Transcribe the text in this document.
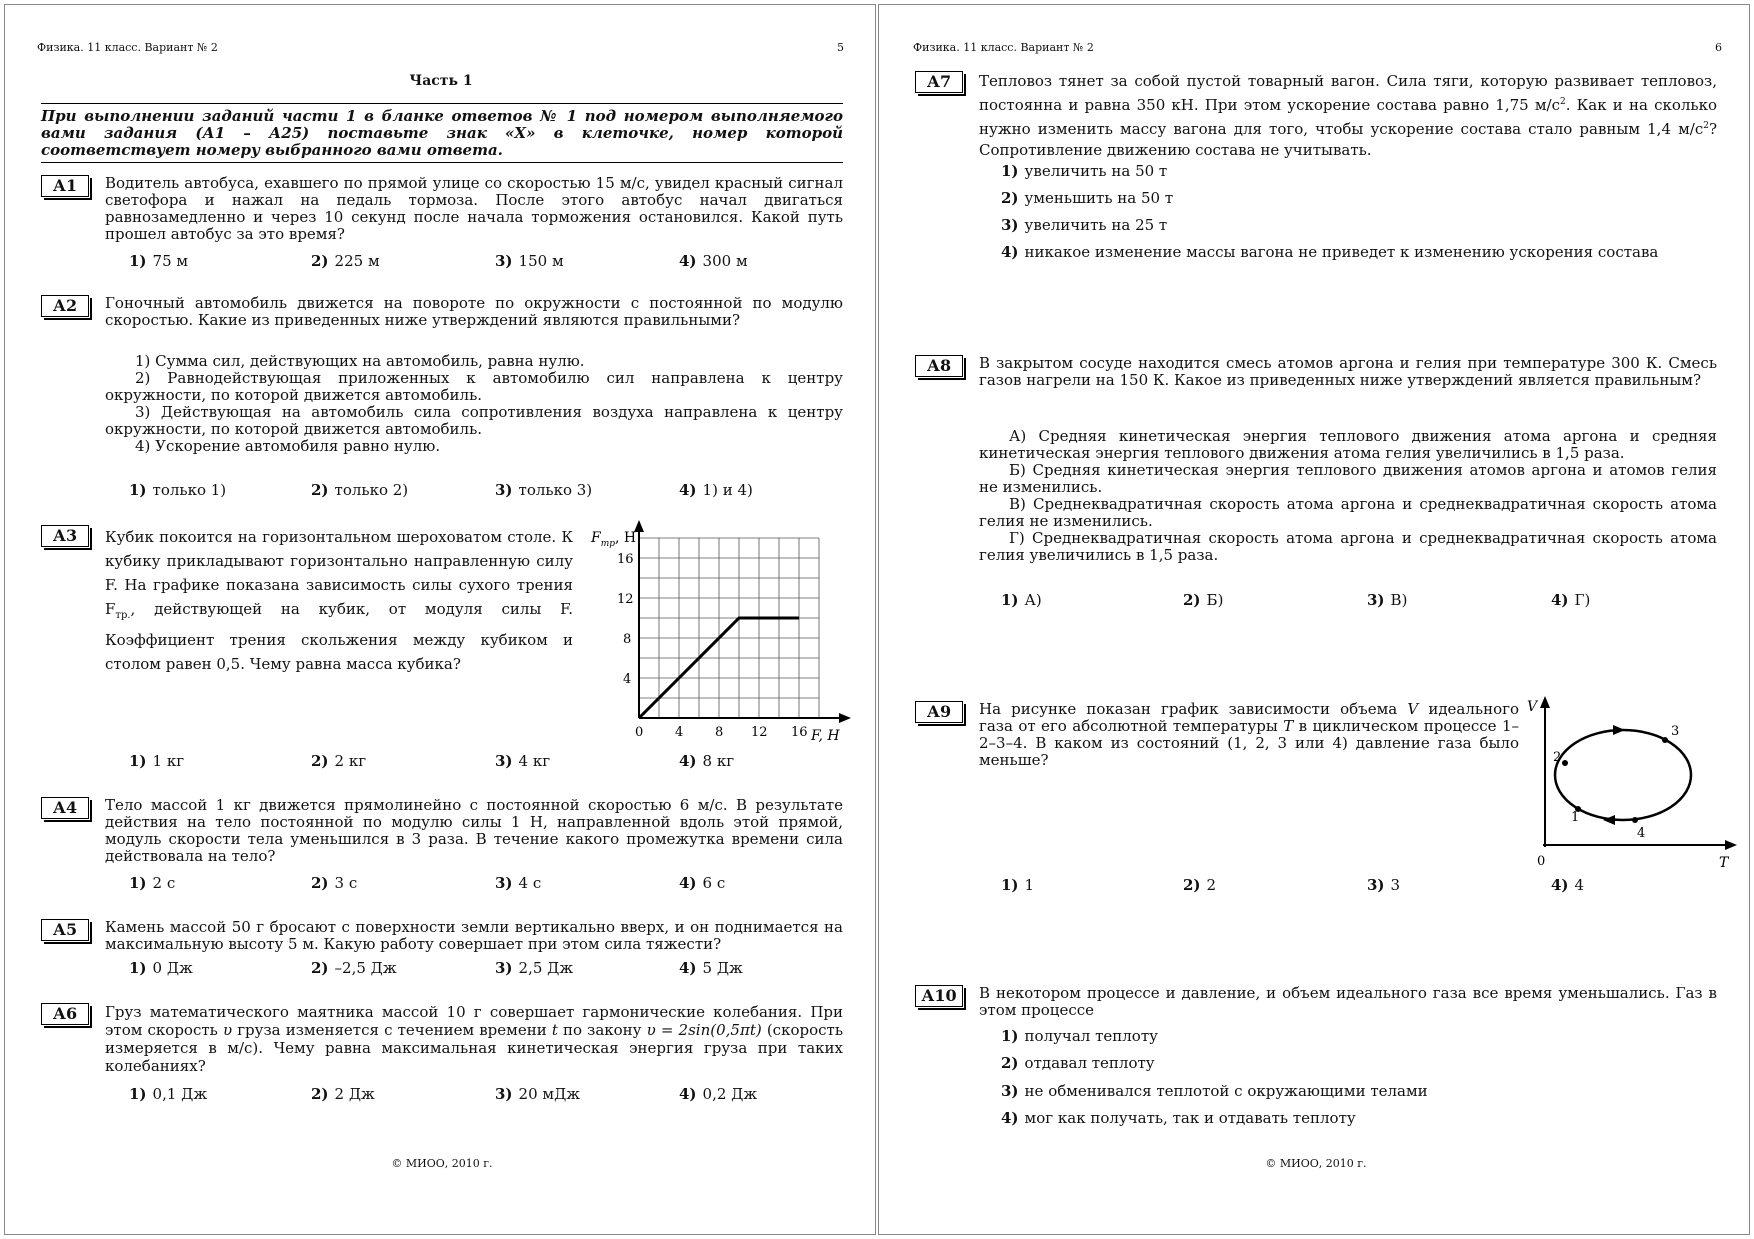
Физика. 11 класс. Вариант № 2	5
Часть 1
При выполнении заданий части 1 в бланке ответов № 1 под номером выполняемого вами задания (А1 – А25) поставьте знак «X» в клеточке, номер которой соответствует номеру выбранного вами ответа.
А1	Водитель автобуса, ехавшего по прямой улице со скоростью 15 м/с, увидел красный сигнал светофора и нажал на педаль тормоза. После этого автобус начал двигаться равнозамедленно и через 10 секунд после начала торможения остановился. Какой путь прошел автобус за это время?
1) 75 м	2) 225 м	3) 150 м	4) 300 м
А2	Гоночный автомобиль движется на повороте по окружности с постоянной по модулю скоростью. Какие из приведенных ниже утверждений являются правильными?
1) Сумма сил, действующих на автомобиль, равна нулю.
2) Равнодействующая приложенных к автомобилю сил направлена к центру окружности, по которой движется автомобиль.
3) Действующая на автомобиль сила сопротивления воздуха направлена к центру окружности, по которой движется автомобиль.
4) Ускорение автомобиля равно нулю.
1) только 1)	2) только 2)	3) только 3)	4) 1) и 4)
А3	Кубик покоится на горизонтальном шероховатом столе. К кубику прикладывают горизонтально направленную силу F. На графике показана зависимость силы сухого трения $F_{тр.}$, действующей на кубик, от модуля силы F. Коэффициент трения скольжения между кубиком и столом равен 0,5. Чему равна масса кубика?
0 4 8 12 16
4
8
12
16
$F_{тр}$, Н
F, Н
1) 1 кг	2) 2 кг	3) 4 кг	4) 8 кг
А4	Тело массой 1 кг движется прямолинейно с постоянной скоростью 6 м/с. В результате действия на тело постоянной по модулю силы 1 Н, направленной вдоль этой прямой, модуль скорости тела уменьшился в 3 раза. В течение какого промежутка времени сила действовала на тело?
1) 2 с	2) 3 с	3) 4 с	4) 6 с
А5	Камень массой 50 г бросают с поверхности земли вертикально вверх, и он поднимается на максимальную высоту 5 м. Какую работу совершает при этом сила тяжести?
1) 0 Дж	2) –2,5 Дж	3) 2,5 Дж	4) 5 Дж
А6	Груз математического маятника массой 10 г совершает гармонические колебания. При этом скорость υ груза изменяется с течением времени t по закону υ = 2sin(0,5πt) (скорость измеряется в м/с). Чему равна максимальная кинетическая энергия груза при таких колебаниях?
1) 0,1 Дж	2) 2 Дж	3) 20 мДж	4) 0,2 Дж
© МИОО, 2010 г.
Физика. 11 класс. Вариант № 2	6
А7	Тепловоз тянет за собой пустой товарный вагон. Сила тяги, которую развивает тепловоз, постоянна и равна 350 кН. При этом ускорение состава равно 1,75 $м/с^2$. Как и на сколько нужно изменить массу вагона для того, чтобы ускорение состава стало равным 1,4 $м/с^2$? Сопротивление движению состава не учитывать.
1) увеличить на 50 т
2) уменьшить на 50 т
3) увеличить на 25 т
4) никакое изменение массы вагона не приведет к изменению ускорения состава
А8	В закрытом сосуде находится смесь атомов аргона и гелия при температуре 300 К. Смесь газов нагрели на 150 К. Какое из приведенных ниже утверждений является правильным?
А) Средняя кинетическая энергия теплового движения атома аргона и средняя кинетическая энергия теплового движения атома гелия увеличились в 1,5 раза.
Б) Средняя кинетическая энергия теплового движения атомов аргона и атомов гелия не изменились.
В) Среднеквадратичная скорость атома аргона и среднеквадратичная скорость атома гелия не изменились.
Г) Среднеквадратичная скорость атома аргона и среднеквадратичная скорость атома гелия увеличились в 1,5 раза.
1) А)	2) Б)	3) В)	4) Г)
А9	На рисунке показан график зависимости объема V идеального газа от его абсолютной температуры T в циклическом процессе 1–2–3–4. В каком из состояний (1, 2, 3 или 4) давление газа было меньше?
V
T
0
1
2
3
4
1) 1	2) 2	3) 3	4) 4
А10	В некотором процессе и давление, и объем идеального газа все время уменьшались. Газ в этом процессе
1) получал теплоту
2) отдавал теплоту
3) не обменивался теплотой с окружающими телами
4) мог как получать, так и отдавать теплоту
© МИОО, 2010 г.
